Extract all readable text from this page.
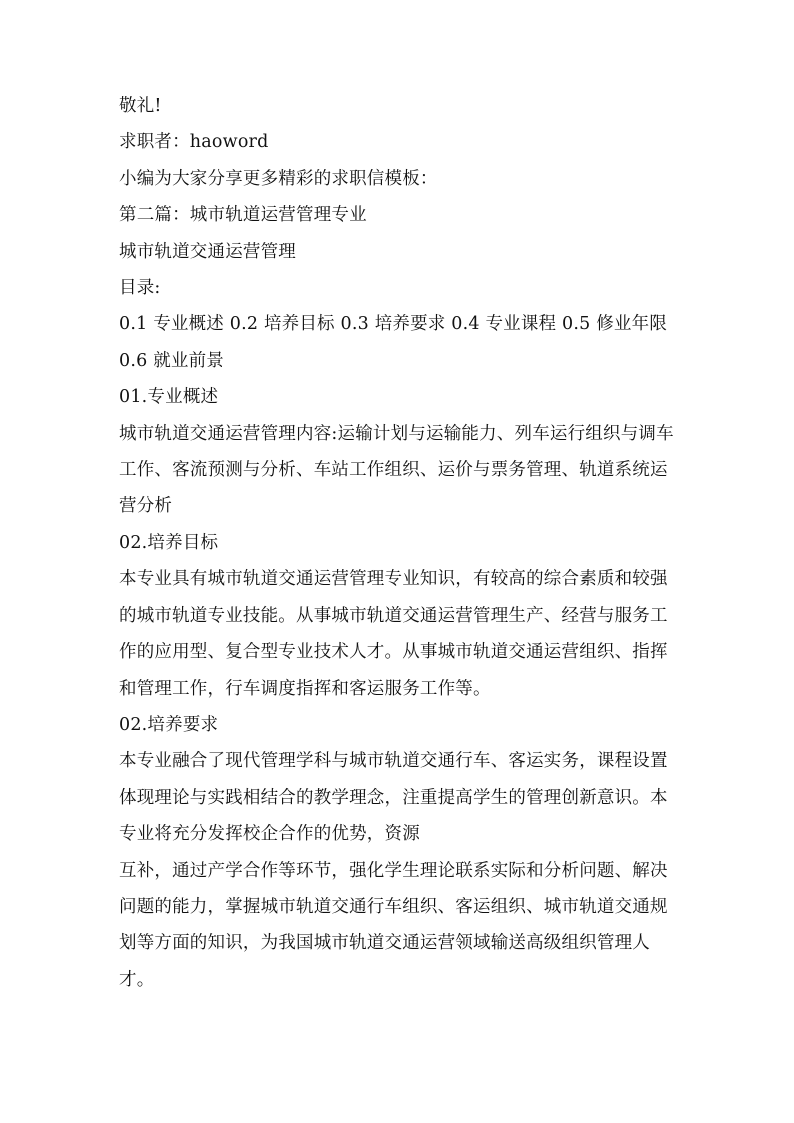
敬礼!

求职者：haoword

小编为大家分享更多精彩的求职信模板：

第二篇：城市轨道运营管理专业

城市轨道交通运营管理

目录:

0.1 专业概述 0.2 培养目标 0.3 培养要求 0.4 专业课程 0.5 修业年限 0.6 就业前景

01.专业概述

城市轨道交通运营管理内容:运输计划与运输能力、列车运行组织与调车工作、客流预测与分析、车站工作组织、运价与票务管理、轨道系统运营分析

02.培养目标

本专业具有城市轨道交通运营管理专业知识，有较高的综合素质和较强的城市轨道专业技能。从事城市轨道交通运营管理生产、经营与服务工作的应用型、复合型专业技术人才。从事城市轨道交通运营组织、指挥和管理工作，行车调度指挥和客运服务工作等。

02.培养要求

本专业融合了现代管理学科与城市轨道交通行车、客运实务，课程设置体现理论与实践相结合的教学理念，注重提高学生的管理创新意识。本专业将充分发挥校企合作的优势，资源

互补，通过产学合作等环节，强化学生理论联系实际和分析问题、解决问题的能力，掌握城市轨道交通行车组织、客运组织、城市轨道交通规划等方面的知识，为我国城市轨道交通运营领域输送高级组织管理人才。
